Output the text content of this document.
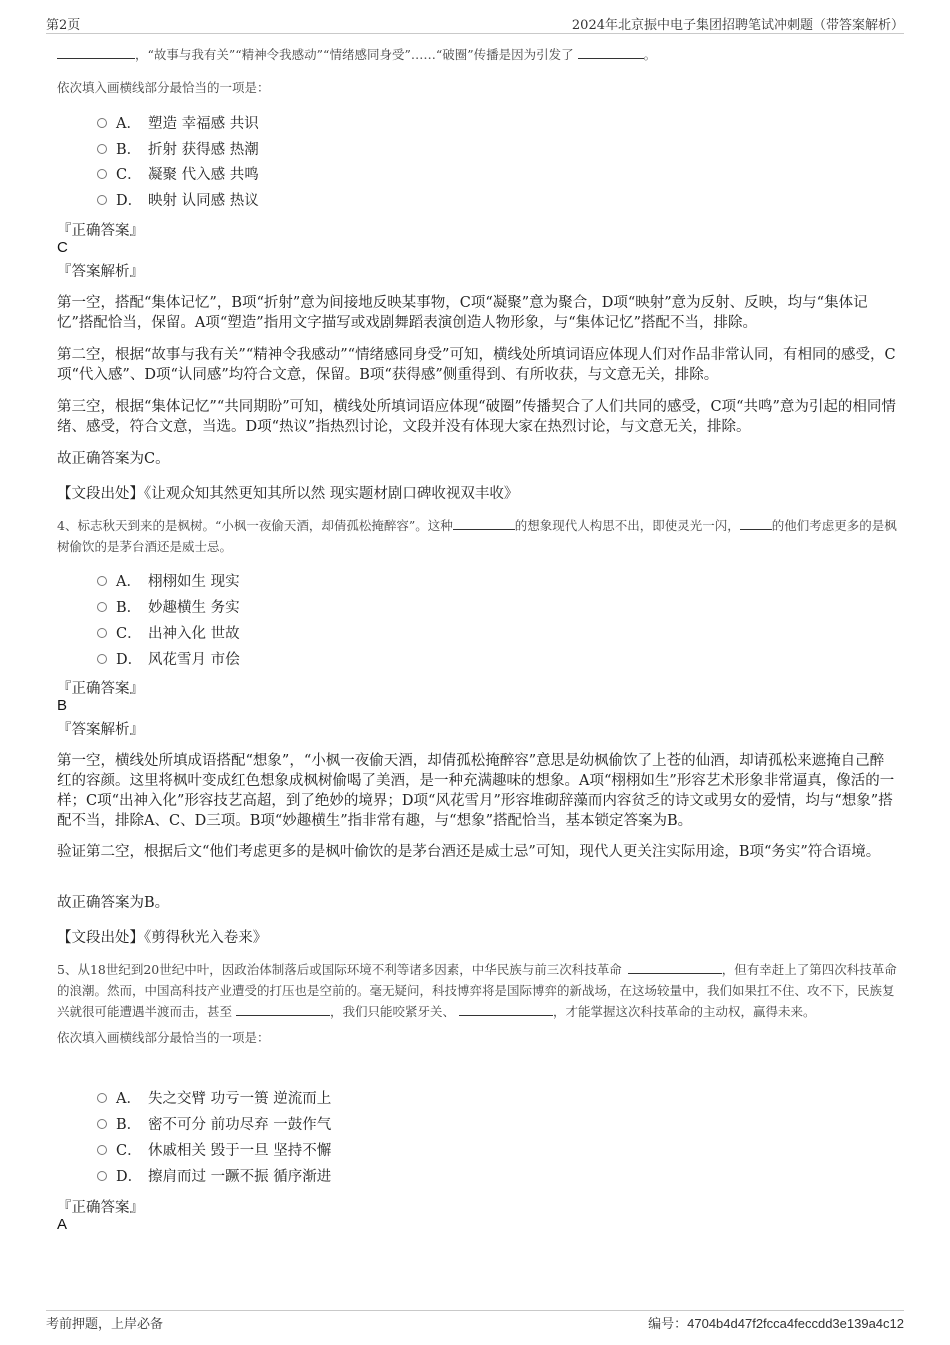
第2页	2024年北京振中电子集团招聘笔试冲刺题（带答案解析）
，“故事与我有关”“精神令我感动”“情绪感同身受”……“破圈”传播是因为引发了	。
依次填入画横线部分最恰当的一项是：
A． 塑造 幸福感 共识
B． 折射 获得感 热潮
C． 凝聚 代入感 共鸣
D． 映射 认同感 热议
『正确答案』
C
『答案解析』
第一空，搭配“集体记忆”，B项“折射”意为间接地反映某事物，C项“凝聚”意为聚合，D项“映射”意为反射、反映，均与“集体记忆”搭配恰当，保留。A项“塑造”指用文字描写或戏剧舞蹈表演创造人物形象，与“集体记忆”搭配不当，排除。
第二空，根据“故事与我有关”“精神令我感动”“情绪感同身受”可知，横线处所填词语应体现人们对作品非常认同，有相同的感受，C项“代入感”、D项“认同感”均符合文意，保留。B项“获得感”侧重得到、有所收获，与文意无关，排除。
第三空，根据“集体记忆”“共同期盼”可知，横线处所填词语应体现“破圈”传播契合了人们共同的感受，C项“共鸣”意为引起的相同情绪、感受，符合文意，当选。D项“热议”指热烈讨论，文段并没有体现大家在热烈讨论，与文意无关，排除。
故正确答案为C。
【文段出处】《让观众知其然更知其所以然 现实题材剧口碑收视双丰收》
4、标志秋天到来的是枫树。“小枫一夜偷天酒，却倩孤松掩醉容”。这种	的想象现代人构思不出，即使灵光一闪，	的他们考虑更多的是枫树偷饮的是茅台酒还是威士忌。
A． 栩栩如生 现实
B． 妙趣横生 务实
C． 出神入化 世故
D． 风花雪月 市侩
『正确答案』
B
『答案解析』
第一空，横线处所填成语搭配“想象”，“小枫一夜偷天酒，却倩孤松掩醉容”意思是幼枫偷饮了上苍的仙酒，却请孤松来遮掩自己醉红的容颜。这里将枫叶变成红色想象成枫树偷喝了美酒，是一种充满趣味的想象。A项“栩栩如生”形容艺术形象非常逼真，像活的一样；C项“出神入化”形容技艺高超，到了绝妙的境界；D项“风花雪月”形容堆砌辞藻而内容贫乏的诗文或男女的爱情，均与“想象”搭配不当，排除A、C、D三项。B项“妙趣横生”指非常有趣，与“想象”搭配恰当，基本锁定答案为B。
验证第二空，根据后文“他们考虑更多的是枫叶偷饮的是茅台酒还是威士忌”可知，现代人更关注实际用途，B项“务实”符合语境。
故正确答案为B。
【文段出处】《剪得秋光入卷来》
5、从18世纪到20世纪中叶，因政治体制落后或国际环境不利等诸多因素，中华民族与前三次科技革命	，但有幸赶上了第四次科技革命的浪潮。然而，中国高科技产业遭受的打压也是空前的。毫无疑问，科技博弈将是国际博弈的新战场，在这场较量中，我们如果扛不住、攻不下，民族复兴就很可能遭遇半渡而击，甚至	，我们只能咬紧牙关、	，才能掌握这次科技革命的主动权，赢得未来。
依次填入画横线部分最恰当的一项是：
A． 失之交臂 功亏一篑 逆流而上
B． 密不可分 前功尽弃 一鼓作气
C． 休戚相关 毁于一旦 坚持不懈
D． 擦肩而过 一蹶不振 循序渐进
『正确答案』
A
考前押题，上岸必备	编号：4704b4d47f2fcca4feccdd3e139a4c12
